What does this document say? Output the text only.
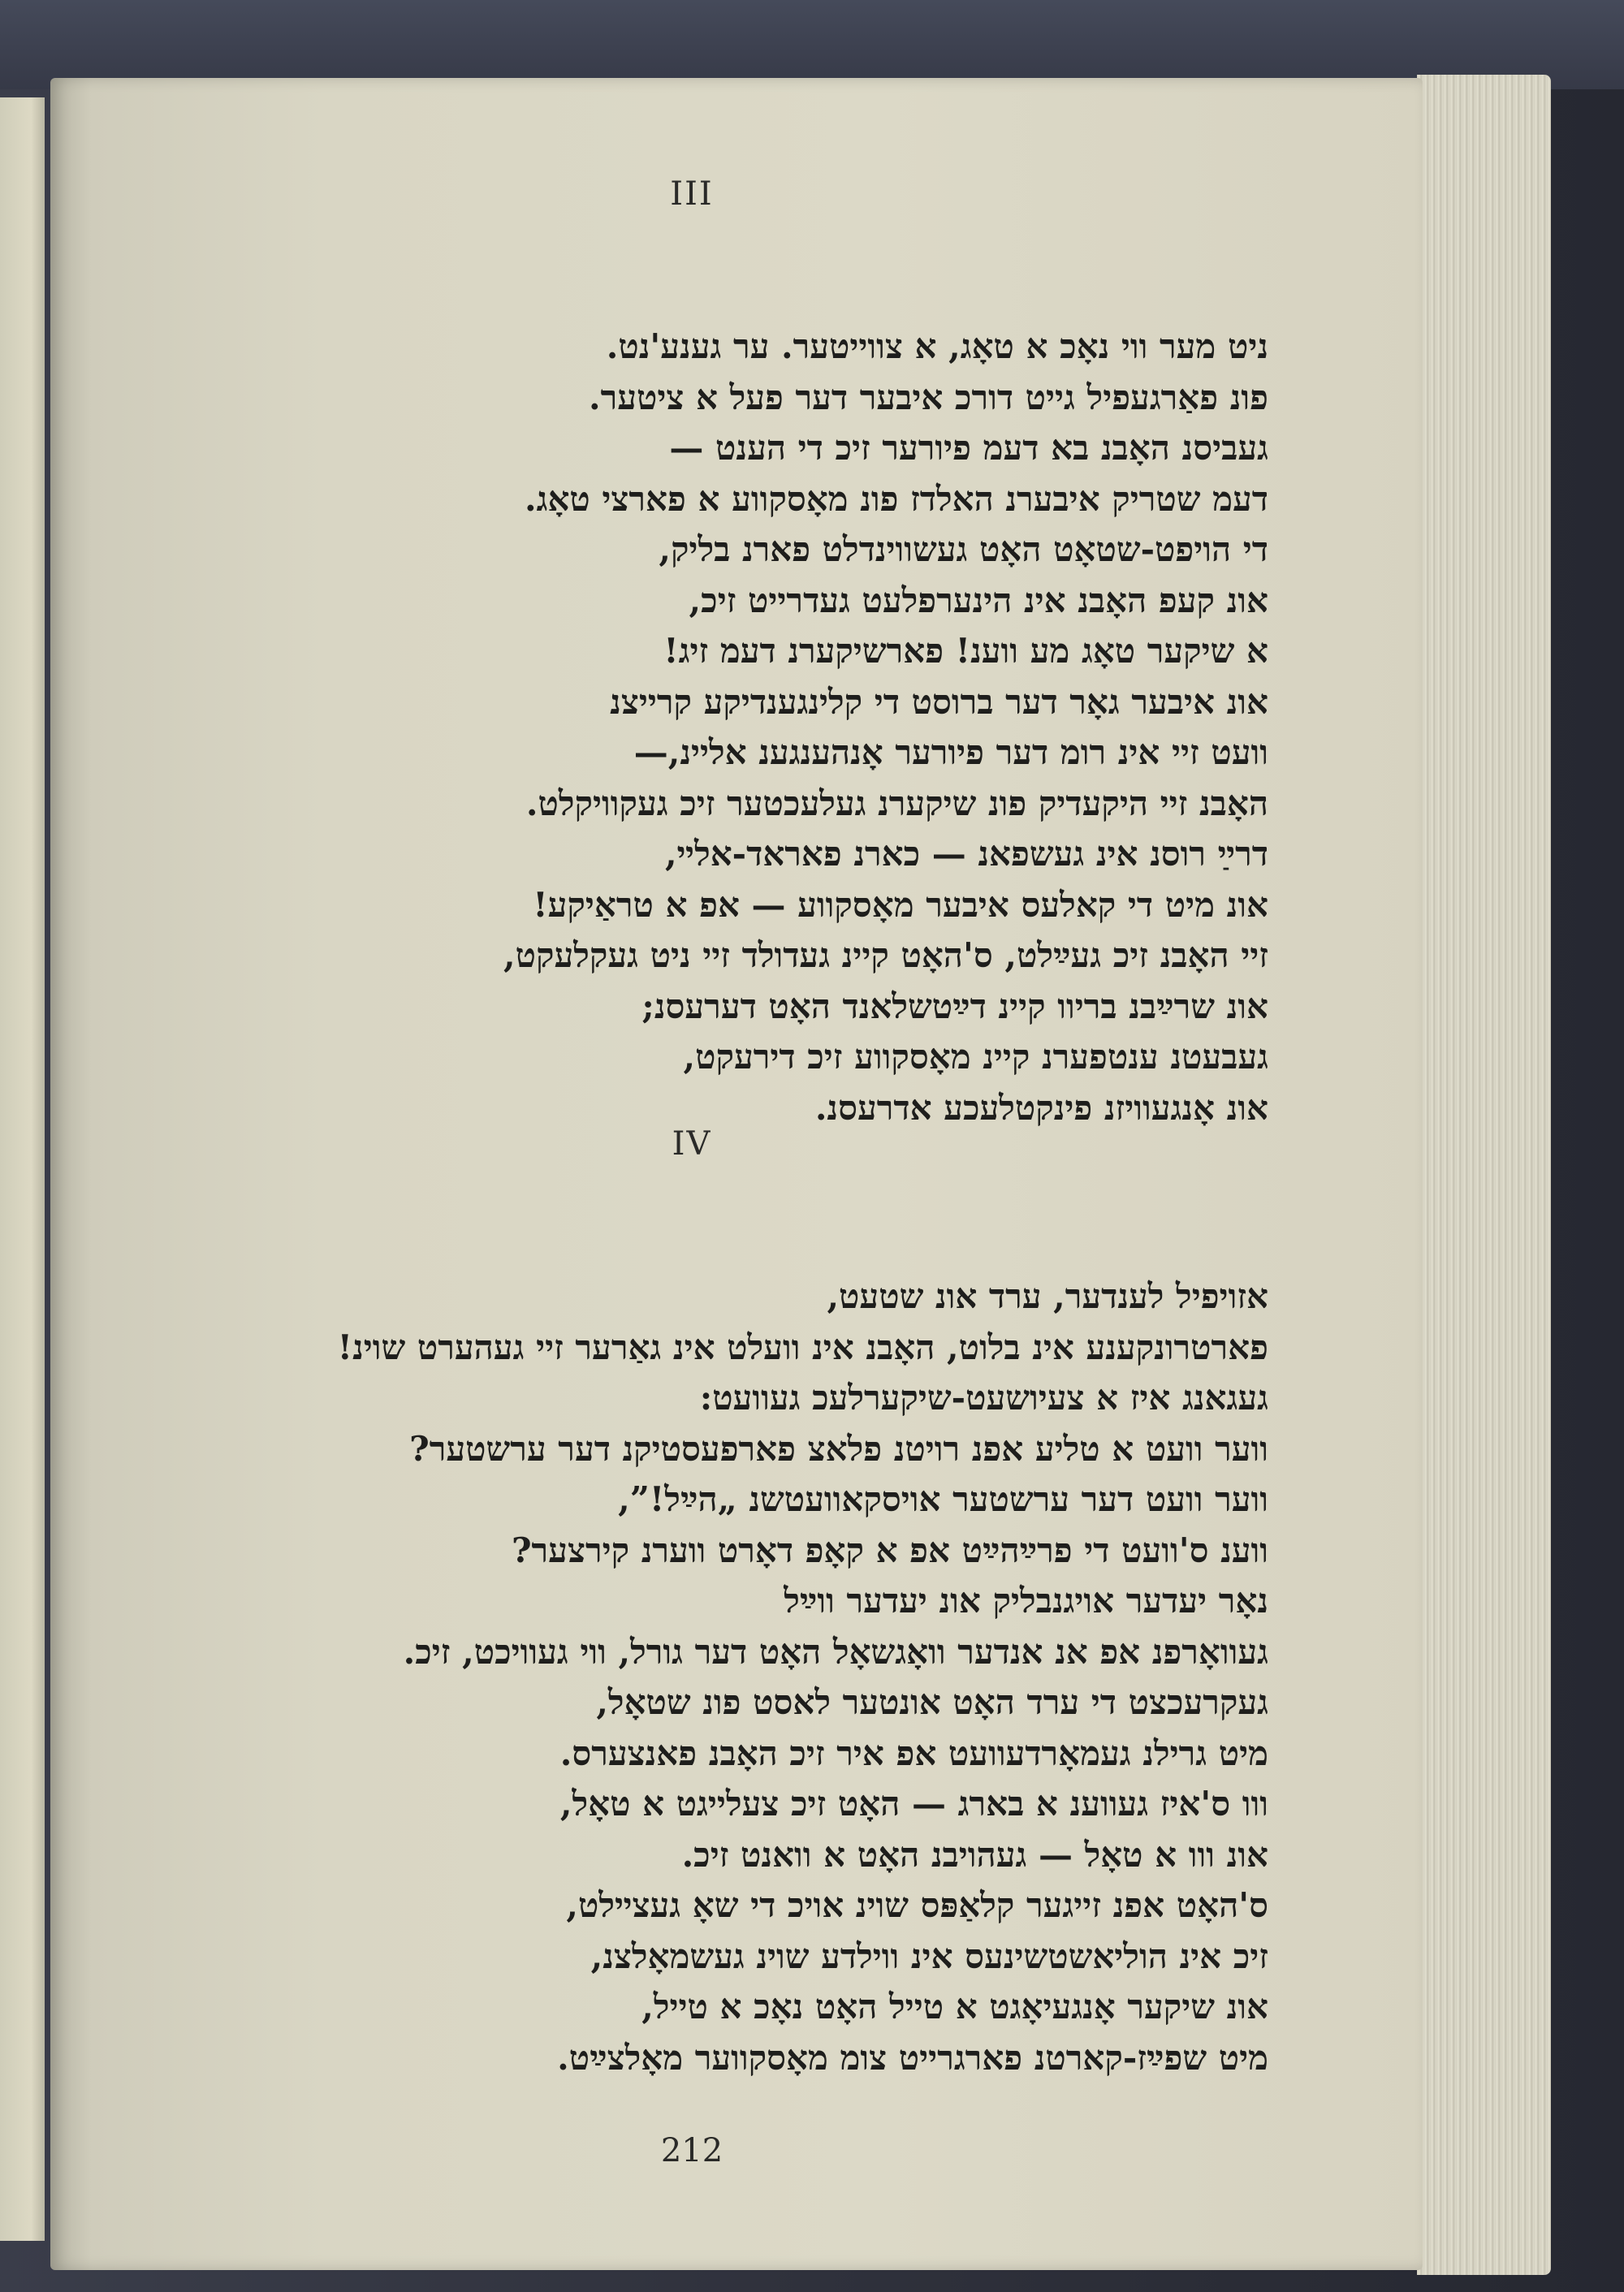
III
ניט מער ווי נאָכ א טאָג, א צווייטער. ער גענע'נט.
פונ פאַרגעפיל גייט דורכ איבער דער פעל א ציטער.
געביסנ האָבנ בא דעמ פיורער זיכ די הענט —
דעמ שטריק איבערנ האלדז פונ מאָסקווע א פארצי טאָג.
די הויפט-שטאָט האָט געשווינדלט פארנ בליק,
אונ קעפ האָבנ אינ הינערפלעט געדרייט זיכ,
א שיקער טאָג מע ווענ! פארשיקערנ דעמ זיג!
אונ איבער גאָר דער ברוסט די קלינגענדיקע קרייצנ
וועט זיי אינ רומ דער פיורער אָנהענגענ אליינ,—
האָבנ זיי היקעדיק פונ שיקערנ געלעכטער זיכ געקוויקלט.
דרײַ רוסנ אינ געשפאנ — כארנ פאראד-אלײ,
אונ מיט די קאלעס איבער מאָסקווע — אפ א טראַיקע!
זיי האָבנ זיכ געײַלט, ס'האָט קיינ געדולד זיי ניט געקלעקט,
אונ שרײַבנ בריוו קיינ דײַטשלאנד האָט דערעסנ;
געבעטנ ענטפערנ קיינ מאָסקווע זיכ דירעקט,
אונ אָנגעוויזנ פינקטלעכע אדרעסנ.
IV
אזויפיל לענדער, ערד אונ שטעט,
פארטרונקענע אינ בלוט, האָבנ אינ וועלט אינ גאַרער זיי געהערט שוינ!
געגאנג איז א צעיושעט-שיקערלעכ געוועט:
ווער וועט א טליע אפנ רויטנ פלאצ פארפעסטיקנ דער ערשטער?
ווער וועט דער ערשטער אויסקאוועטשנ „הײַל!”,
ווענ ס'וועט די פרײַהײַט אפ א קאָפ דאָרט ווערנ קירצער?
נאָר יעדער אויגנבליק אונ יעדער ווײַל
געוואָרפנ אפ אנ אנדער וואָגשאָל האָט דער גורל, ווי געוויכט, זיכ.
געקרעכצט די ערד האָט אונטער לאסט פונ שטאָל,
מיט גרילנ געמאָרדעוועט אפ איר זיכ האָבנ פאנצערס.
ווו ס'איז געווענ א בארג — האָט זיכ צעלייגט א טאָל,
אונ ווו א טאָל — געהויבנ האָט א וואנט זיכ.
ס'האָט אפנ זייגער קלאַפּס שוינ אויכ די שאָ געצײלט,
זיכ אינ הוליאשטשינעס אינ ווילדע שוינ געשמאָלצנ,
אונ שיקער אָנגעיאָגט א טייל האָט נאָכ א טייל,
מיט שפײַז-קארטנ פארגרייט צומ מאָסקווער מאָלצײַט.
212
